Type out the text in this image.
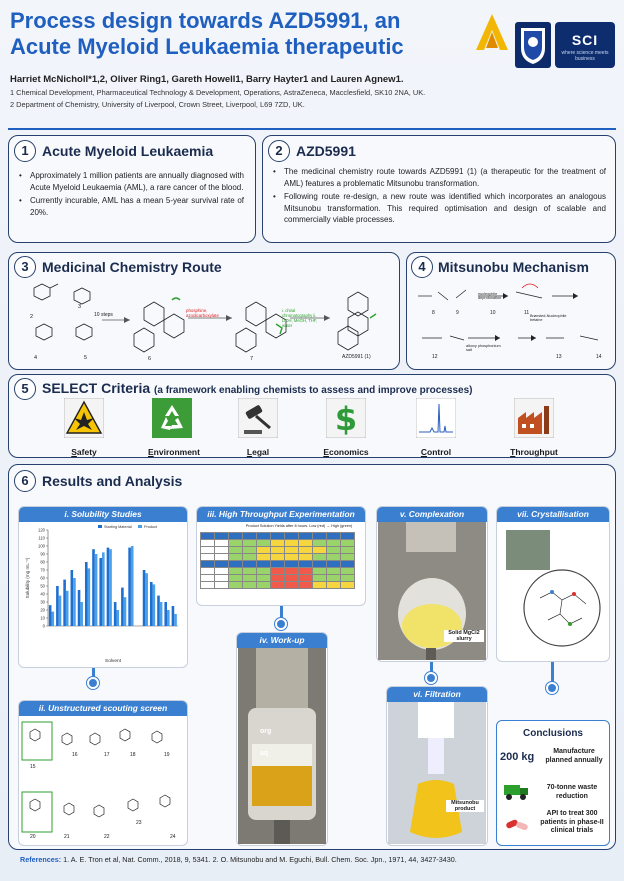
Process design towards AZD5991, an
Acute Myeloid Leukaemia therapeutic	SCI
where science meets business
Harriet McNicholl*1,2, Oliver Ring1, Gareth Howell1, Barry Hayter1 and Lauren Agnew1.
1 Chemical Development, Pharmaceutical Technology & Development, Operations, AstraZeneca, Macclesfield, SK10 2NA, UK.
2 Department of Chemistry, University of Liverpool, Crown Street, Liverpool, L69 7ZD, UK.
1 Acute Myeloid Leukaemia
• Approximately 1 million patients are annually diagnosed with Acute Myeloid Leukaemia (AML), a rare cancer of the blood.
• Currently incurable, AML has a mean 5-year survival rate of 20%.
2 AZD5991
• The medicinal chemistry route towards AZD5991 (1) (a therapeutic for the treatment of AML) features a problematic Mitsunobu transformation.
• Following route re-design, a new route was identified which incorporates an analogous Mitsunobu transformation. This required optimisation and design of scalable and commercially viable processes.
3 Medicinal Chemistry Route
2
3
4	5	6	7	AZD5991 (1)
10 steps
phosphine, azodicarboxylate
i. chiral chromatography ii. LiOH, MeOH, THF, water
4 Mitsunobu Mechanism
8	9	10	11
12	13	14
nucleophile deprotonation
Brønsted-Nucleophile betaine
alkoxy phosphonium salt
5 SELECT Criteria (a framework enabling chemists to assess and improve processes)
Safety	Environment	Legal
$
Economics	Control	Throughput
6 Results and Analysis
i. Solubility Studies
0
10
20
30
40
50
60
70
80
90
100
110
120
Starting Material	Product
Solubility (mg mL⁻¹)
Solvent
ii. Unstructured scouting screen
15
16	17	18	19
20	21	22
23
24
iii. High Throughput Experimentation
Product Solution Yields after 8 hours. Low (red) → High (green)

iv. Work-up
org
aq
v. Complexation
Solid MgCl2 slurry
vi. Filtration
Mitsunobu product
vii. Crystallisation
Conclusions
200 kg	Manufacture planned annually
70-tonne waste reduction
API to treat 300 patients in phase-II clinical trials
References: 1. A. E. Tron et al, Nat. Comm., 2018, 9, 5341. 2. O. Mitsunobu and M. Eguchi, Bull. Chem. Soc. Jpn., 1971, 44, 3427-3430.
